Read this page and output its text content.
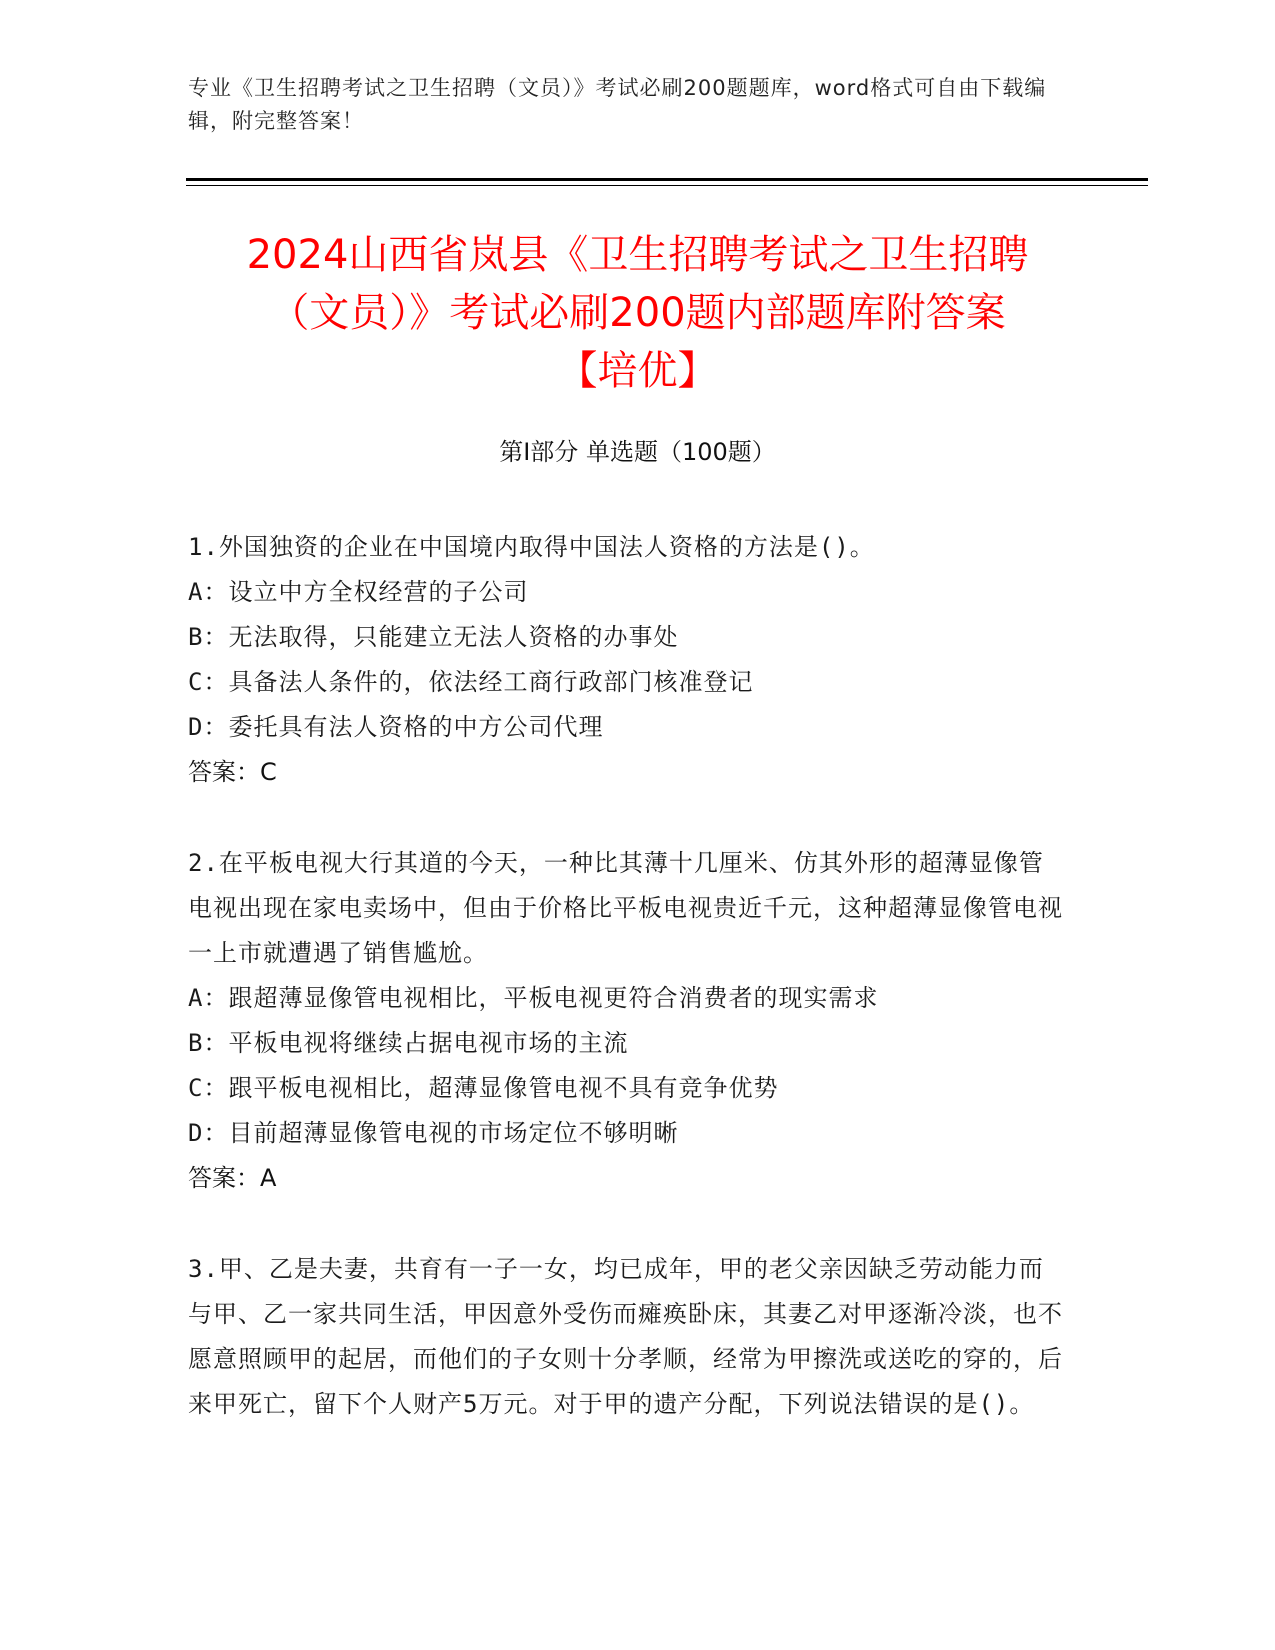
专业《卫生招聘考试之卫生招聘（文员）》考试必刷200题题库，word格式可自由下载编辑，附完整答案！
2024山西省岚县《卫生招聘考试之卫生招聘
（文员）》考试必刷200题内部题库附答案
【培优】
第I部分 单选题（100题）
1.外国独资的企业在中国境内取得中国法人资格的方法是()。
A：设立中方全权经营的子公司
B：无法取得，只能建立无法人资格的办事处
C：具备法人条件的，依法经工商行政部门核准登记
D：委托具有法人资格的中方公司代理
答案：C
2.在平板电视大行其道的今天，一种比其薄十几厘米、仿其外形的超薄显像管电视出现在家电卖场中，但由于价格比平板电视贵近千元，这种超薄显像管电视一上市就遭遇了销售尴尬。
A：跟超薄显像管电视相比，平板电视更符合消费者的现实需求
B：平板电视将继续占据电视市场的主流
C：跟平板电视相比，超薄显像管电视不具有竞争优势
D：目前超薄显像管电视的市场定位不够明晰
答案：A
3.甲、乙是夫妻，共育有一子一女，均已成年，甲的老父亲因缺乏劳动能力而与甲、乙一家共同生活，甲因意外受伤而瘫痪卧床，其妻乙对甲逐渐冷淡，也不愿意照顾甲的起居，而他们的子女则十分孝顺，经常为甲擦洗或送吃的穿的，后来甲死亡，留下个人财产5万元。对于甲的遗产分配，下列说法错误的是()。
